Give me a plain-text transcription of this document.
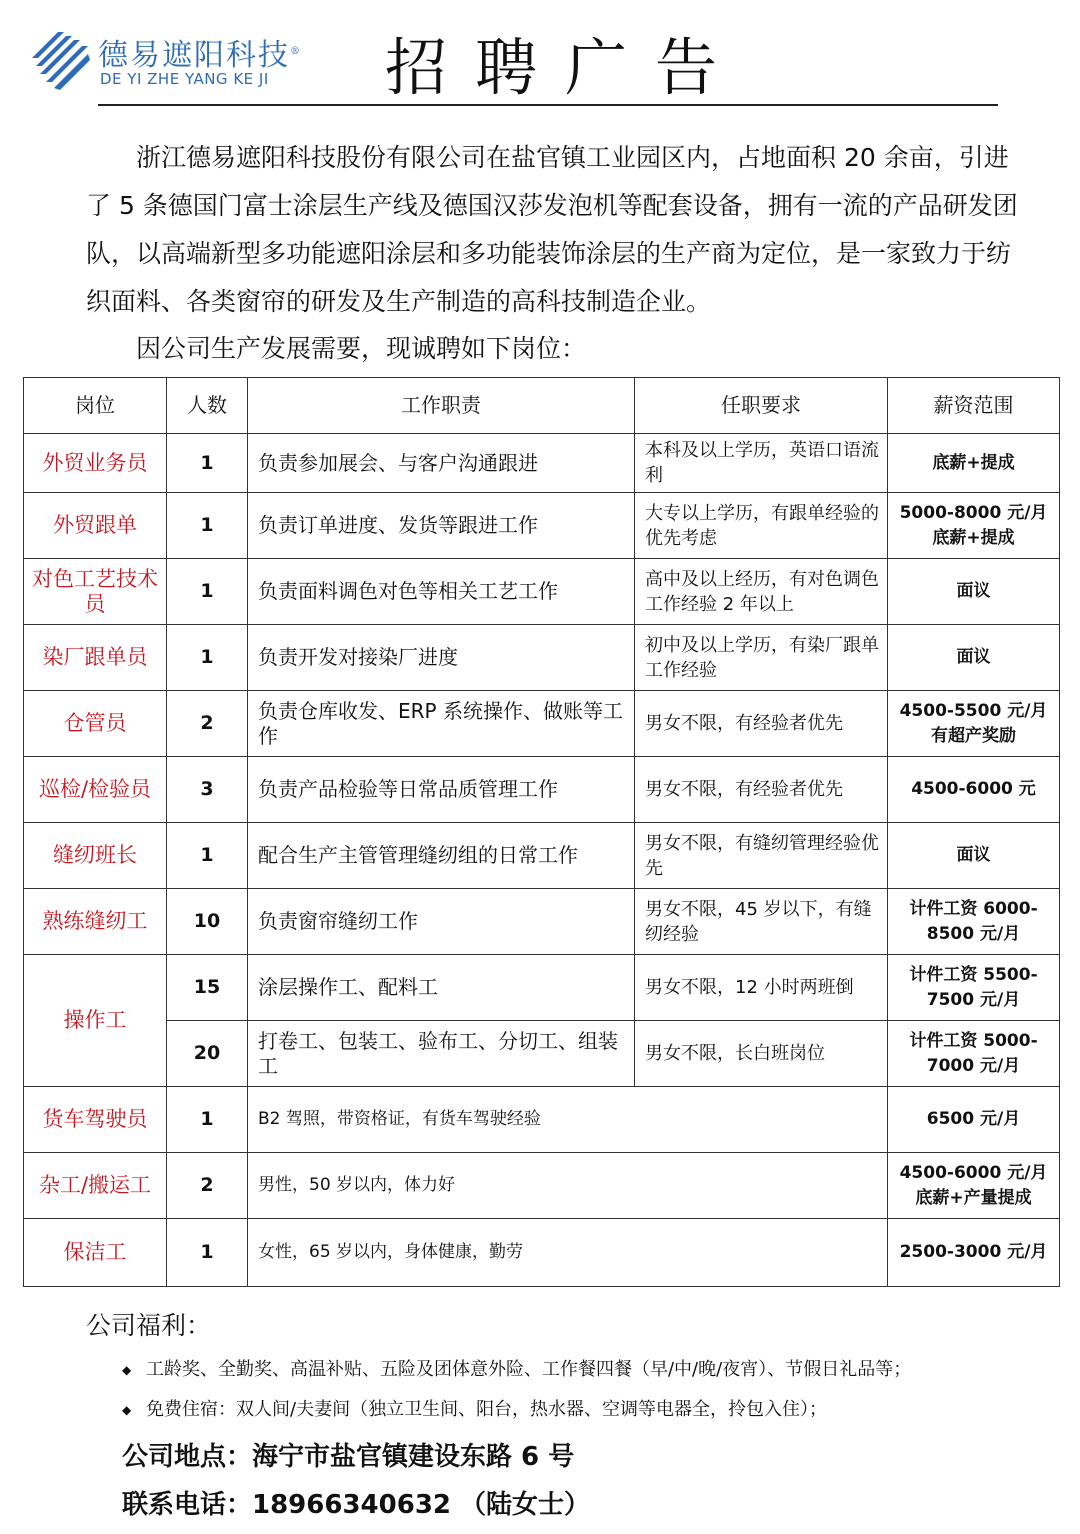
德易遮阳科技®
DE YI ZHE YANG KE JI 招聘广告

浙江德易遮阳科技股份有限公司在盐官镇工业园区内，占地面积 20 余亩，引进了 5 条德国门富士涂层生产线及德国汉莎发泡机等配套设备，拥有一流的产品研发团队，以高端新型多功能遮阳涂层和多功能装饰涂层的生产商为定位，是一家致力于纺织面料、各类窗帘的研发及生产制造的高科技制造企业。

因公司生产发展需要，现诚聘如下岗位：
岗位	人数	工作职责	任职要求	薪资范围
外贸业务员	1	负责参加展会、与客户沟通跟进	本科及以上学历，英语口语流利	底薪+提成
外贸跟单	1	负责订单进度、发货等跟进工作	大专以上学历，有跟单经验的优先考虑	5000-8000 元/月 底薪+提成
对色工艺技术员	1	负责面料调色对色等相关工艺工作	高中及以上经历，有对色调色工作经验 2 年以上	面议
染厂跟单员	1	负责开发对接染厂进度	初中及以上学历，有染厂跟单工作经验	面议
仓管员	2	负责仓库收发、ERP 系统操作、做账等工作	男女不限，有经验者优先	4500-5500 元/月 有超产奖励
巡检/检验员	3	负责产品检验等日常品质管理工作	男女不限，有经验者优先	4500-6000 元
缝纫班长	1	配合生产主管管理缝纫组的日常工作	男女不限，有缝纫管理经验优先	面议
熟练缝纫工	10	负责窗帘缝纫工作	男女不限，45 岁以下，有缝纫经验	计件工资 6000-8500 元/月
操作工	15	涂层操作工、配料工	男女不限，12 小时两班倒	计件工资 5500-7500 元/月
	20	打卷工、包装工、验布工、分切工、组装工	男女不限，长白班岗位	计件工资 5000-7000 元/月
货车驾驶员	1	B2 驾照，带资格证，有货车驾驶经验		6500 元/月
杂工/搬运工	2	男性，50 岁以内，体力好		4500-6000 元/月 底薪+产量提成
保洁工	1	女性，65 岁以内，身体健康，勤劳		2500-3000 元/月
公司福利：
◆ 工龄奖、全勤奖、高温补贴、五险及团体意外险、工作餐四餐（早/中/晚/夜宵）、节假日礼品等；
◆ 免费住宿：双人间/夫妻间（独立卫生间、阳台，热水器、空调等电器全，拎包入住）；
公司地点：海宁市盐官镇建设东路 6 号
联系电话：18966340632 （陆女士）
